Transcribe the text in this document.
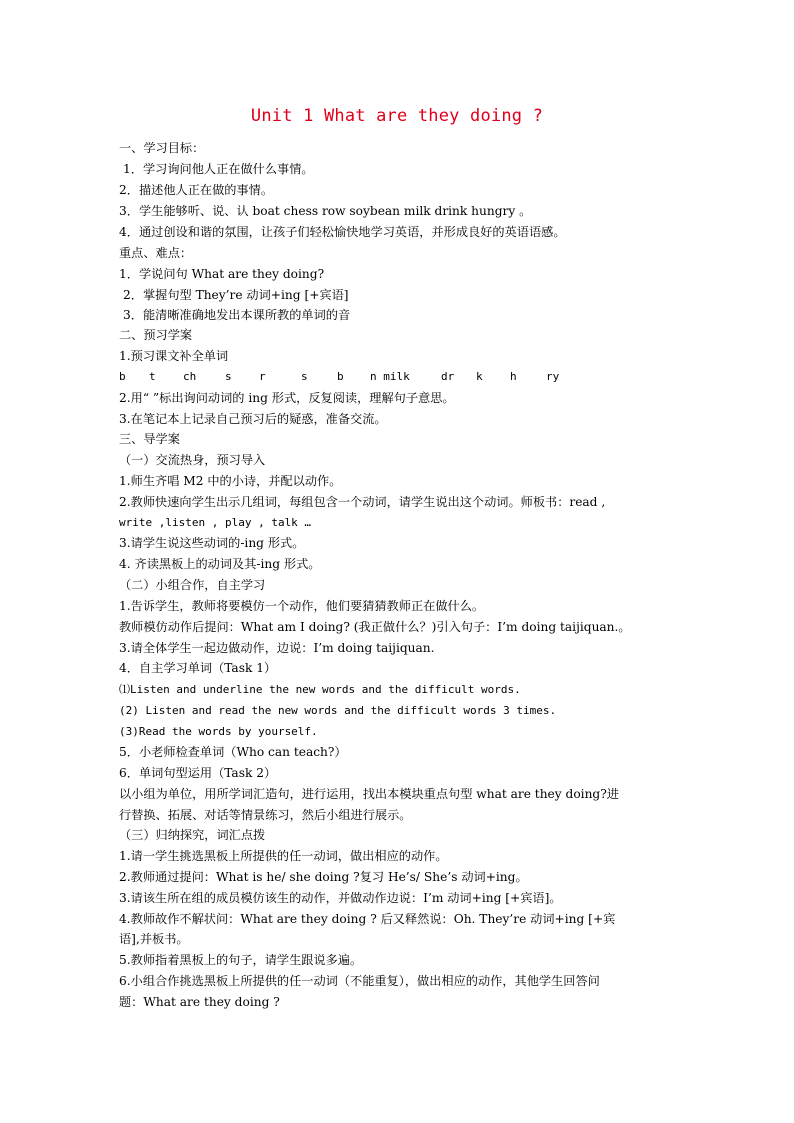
Unit 1 What are they doing ?
一、学习目标：
1．学习询问他人正在做什么事情。
2．描述他人正在做的事情。
3．学生能够听、说、认 boat chess row soybean milk drink hungry 。
4．通过创设和谐的氛围，让孩子们轻松愉快地学习英语，并形成良好的英语语感。
重点、难点：
1．学说问句 What are they doing?
2．掌握句型 They’re 动词+ing [+宾语]
3．能清晰准确地发出本课所教的单词的音
二、预习学案
1.预习课文补全单词
b t ch	s r	s	b n milk	dr k h	ry
2.用“ ”标出询问动词的 ing 形式，反复阅读，理解句子意思。
3.在笔记本上记录自己预习后的疑惑，准备交流。
三、导学案
（一）交流热身，预习导入
1.师生齐唱 M2 中的小诗，并配以动作。
2.教师快速向学生出示几组词，每组包含一个动词，请学生说出这个动词。师板书：read ,
write ,listen , play , talk …
3.请学生说这些动词的-ing 形式。
4. 齐读黑板上的动词及其-ing 形式。
（二）小组合作，自主学习
1.告诉学生，教师将要模仿一个动作，他们要猜猜教师正在做什么。
教师模仿动作后提问：What am I doing? (我正做什么？)引入句子：I’m doing taijiquan.。
3.请全体学生一起边做动作，边说：I’m doing taijiquan.
4．自主学习单词（Task 1）
⑴Listen and underline the new words and the difficult words.
(2) Listen and read the new words and the difficult words 3 times.
(3)Read the words by yourself.
5．小老师检查单词（Who can teach?）
6．单词句型运用（Task 2）
以小组为单位，用所学词汇造句，进行运用，找出本模块重点句型 what are they doing?进
行替换、拓展、对话等情景练习，然后小组进行展示。
（三）归纳探究，词汇点拨
1.请一学生挑选黑板上所提供的任一动词，做出相应的动作。
2.教师通过提问：What is he/ she doing ?复习 He’s/ She’s 动词+ing。
3.请该生所在组的成员模仿该生的动作，并做动作边说：I’m 动词+ing [+宾语]。
4.教师故作不解状问：What are they doing ? 后又释然说：Oh. They’re 动词+ing [+宾
语],并板书。
5.教师指着黑板上的句子，请学生跟说多遍。
6.小组合作挑选黑板上所提供的任一动词（不能重复），做出相应的动作，其他学生回答问
题：What are they doing ?
